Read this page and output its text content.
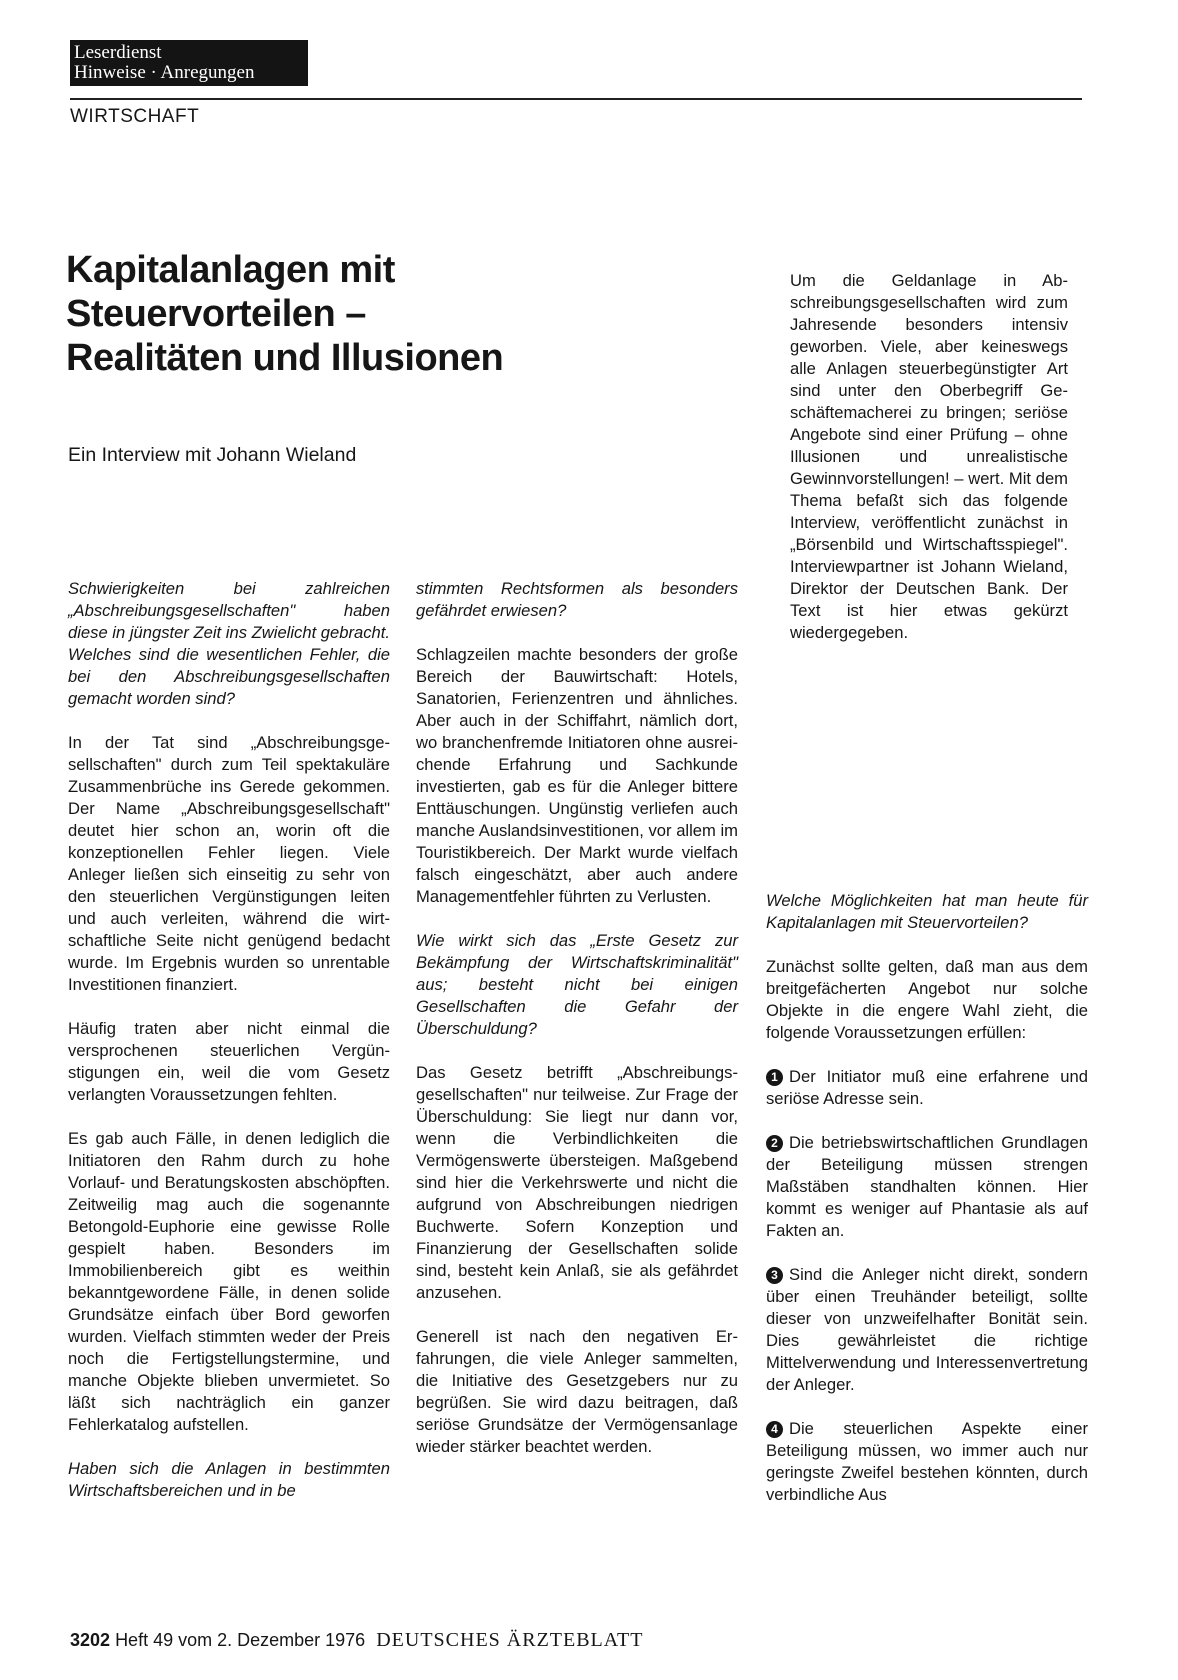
Leserdienst
Hinweise · Anregungen
WIRTSCHAFT
Kapitalanlagen mit
Steuervorteilen –
Realitäten und Illusionen
Ein Interview mit Johann Wieland
Um die Geldanlage in Abschreibungsgesellschaften wird zum Jahresende besonders intensiv geworben. Viele, aber keineswegs alle Anlagen steuerbegünstigter Art sind unter den Oberbegriff Geschäftemacherei zu bringen; seriöse Angebote sind einer Prüfung – ohne Illusionen und unrealistische Gewinnvorstellungen! – wert. Mit dem Thema befaßt sich das folgende Interview, veröffentlicht zunächst in „Börsenbild und Wirtschaftsspiegel". Interviewpartner ist Johann Wieland, Direktor der Deutschen Bank. Der Text ist hier etwas gekürzt wiedergegeben.

Schwierigkeiten bei zahlreichen „Abschreibungsgesellschaften" haben diese in jüngster Zeit ins Zwielicht gebracht. Welches sind die wesentlichen Fehler, die bei den Abschreibungsgesellschaften gemacht worden sind?

In der Tat sind „Abschreibungsgesellschaften" durch zum Teil spektakuläre Zusammenbrüche ins Gerede gekommen. Der Name „Abschreibungsgesellschaft" deutet hier schon an, worin oft die konzeptionellen Fehler liegen. Viele Anleger ließen sich einseitig zu sehr von den steuerlichen Vergünstigungen leiten und auch verleiten, während die wirtschaftliche Seite nicht genügend bedacht wurde. Im Ergebnis wurden so unrentable Investitionen finanziert.

Häufig traten aber nicht einmal die versprochenen steuerlichen Vergünstigungen ein, weil die vom Gesetz verlangten Voraussetzungen fehlten.

Es gab auch Fälle, in denen lediglich die Initiatoren den Rahm durch zu hohe Vorlauf- und Beratungskosten abschöpften. Zeitweilig mag auch die sogenannte Betongold-Euphorie eine gewisse Rolle gespielt haben. Besonders im Immobilienbereich gibt es weithin bekanntgewordene Fälle, in denen solide Grundsätze einfach über Bord geworfen wurden. Vielfach stimmten weder der Preis noch die Fertigstellungstermine, und manche Objekte blieben unvermietet. So läßt sich nachträglich ein ganzer Fehlerkatalog aufstellen.

Haben sich die Anlagen in bestimmten Wirtschaftsbereichen und in be

stimmten Rechtsformen als besonders gefährdet erwiesen?

Schlagzeilen machte besonders der große Bereich der Bauwirtschaft: Hotels, Sanatorien, Ferienzentren und ähnliches. Aber auch in der Schiffahrt, nämlich dort, wo branchenfremde Initiatoren ohne ausreichende Erfahrung und Sachkunde investierten, gab es für die Anleger bittere Enttäuschungen. Ungünstig verliefen auch manche Auslandsinvestitionen, vor allem im Touristikbereich. Der Markt wurde vielfach falsch eingeschätzt, aber auch andere Managementfehler führten zu Verlusten.

Wie wirkt sich das „Erste Gesetz zur Bekämpfung der Wirtschaftskriminalität" aus; besteht nicht bei einigen Gesellschaften die Gefahr der Überschuldung?

Das Gesetz betrifft „Abschreibungsgesellschaften" nur teilweise. Zur Frage der Überschuldung: Sie liegt nur dann vor, wenn die Verbindlichkeiten die Vermögenswerte übersteigen. Maßgebend sind hier die Verkehrswerte und nicht die aufgrund von Abschreibungen niedrigen Buchwerte. Sofern Konzeption und Finanzierung der Gesellschaften solide sind, besteht kein Anlaß, sie als gefährdet anzusehen.

Generell ist nach den negativen Erfahrungen, die viele Anleger sammelten, die Initiative des Gesetzgebers nur zu begrüßen. Sie wird dazu beitragen, daß seriöse Grundsätze der Vermögensanlage wieder stärker beachtet werden.

Welche Möglichkeiten hat man heute für Kapitalanlagen mit Steuervorteilen?

Zunächst sollte gelten, daß man aus dem breitgefächerten Angebot nur solche Objekte in die engere Wahl zieht, die folgende Voraussetzungen erfüllen:

1 Der Initiator muß eine erfahrene und seriöse Adresse sein.

2 Die betriebswirtschaftlichen Grundlagen der Beteiligung müssen strengen Maßstäben standhalten können. Hier kommt es weniger auf Phantasie als auf Fakten an.

3 Sind die Anleger nicht direkt, sondern über einen Treuhänder beteiligt, sollte dieser von unzweifelhafter Bonität sein. Dies gewährleistet die richtige Mittelverwendung und Interessenvertretung der Anleger.

4 Die steuerlichen Aspekte einer Beteiligung müssen, wo immer auch nur geringste Zweifel bestehen könnten, durch verbindliche Aus

3202 Heft 49 vom 2. Dezember 1976 DEUTSCHES ÄRZTEBLATT
